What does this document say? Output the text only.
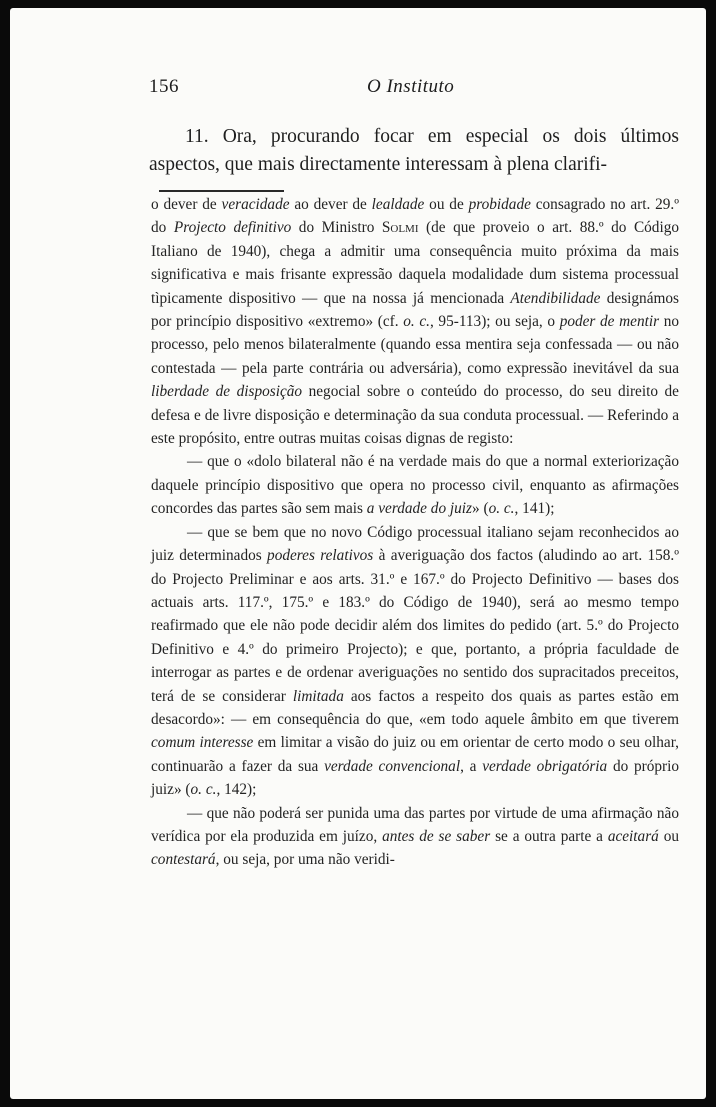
156	O Instituto

11. Ora, procurando focar em especial os dois últimos aspectos, que mais directamente interessam à plena clarifi-

o dever de veracidade ao dever de lealdade ou de probidade consagrado no art. 29.º do Projecto definitivo do Ministro Solmi (de que proveio o art. 88.º do Código Italiano de 1940), chega a admitir uma consequência muito próxima da mais significativa e mais frisante expressão daquela modalidade dum sistema processual tìpicamente dispositivo — que na nossa já mencionada Atendibilidade designámos por princípio dispositivo «extremo» (cf. o. c., 95-113); ou seja, o poder de mentir no processo, pelo menos bilateralmente (quando essa mentira seja confessada — ou não contestada — pela parte contrária ou adversária), como expressão inevitável da sua liberdade de disposição negocial sobre o conteúdo do processo, do seu direito de defesa e de livre disposição e determinação da sua conduta processual. — Referindo a este propósito, entre outras muitas coisas dignas de registo:

— que o «dolo bilateral não é na verdade mais do que a normal exteriorização daquele princípio dispositivo que opera no processo civil, enquanto as afirmações concordes das partes são sem mais a verdade do juiz» (o. c., 141);

— que se bem que no novo Código processual italiano sejam reconhecidos ao juiz determinados poderes relativos à averiguação dos factos (aludindo ao art. 158.º do Projecto Preliminar e aos arts. 31.º e 167.º do Projecto Definitivo — bases dos actuais arts. 117.º, 175.º e 183.º do Código de 1940), será ao mesmo tempo reafirmado que ele não pode decidir além dos limites do pedido (art. 5.º do Projecto Definitivo e 4.º do primeiro Projecto); e que, portanto, a própria faculdade de interrogar as partes e de ordenar averiguações no sentido dos supracitados preceitos, terá de se considerar limitada aos factos a respeito dos quais as partes estão em desacordo»: — em consequência do que, «em todo aquele âmbito em que tiverem comum interesse em limitar a visão do juiz ou em orientar de certo modo o seu olhar, continuarão a fazer da sua verdade convencional, a verdade obrigatória do próprio juiz» (o. c., 142);

— que não poderá ser punida uma das partes por virtude de uma afirmação não verídica por ela produzida em juízo, antes de se saber se a outra parte a aceitará ou contestará, ou seja, por uma não veridi-
